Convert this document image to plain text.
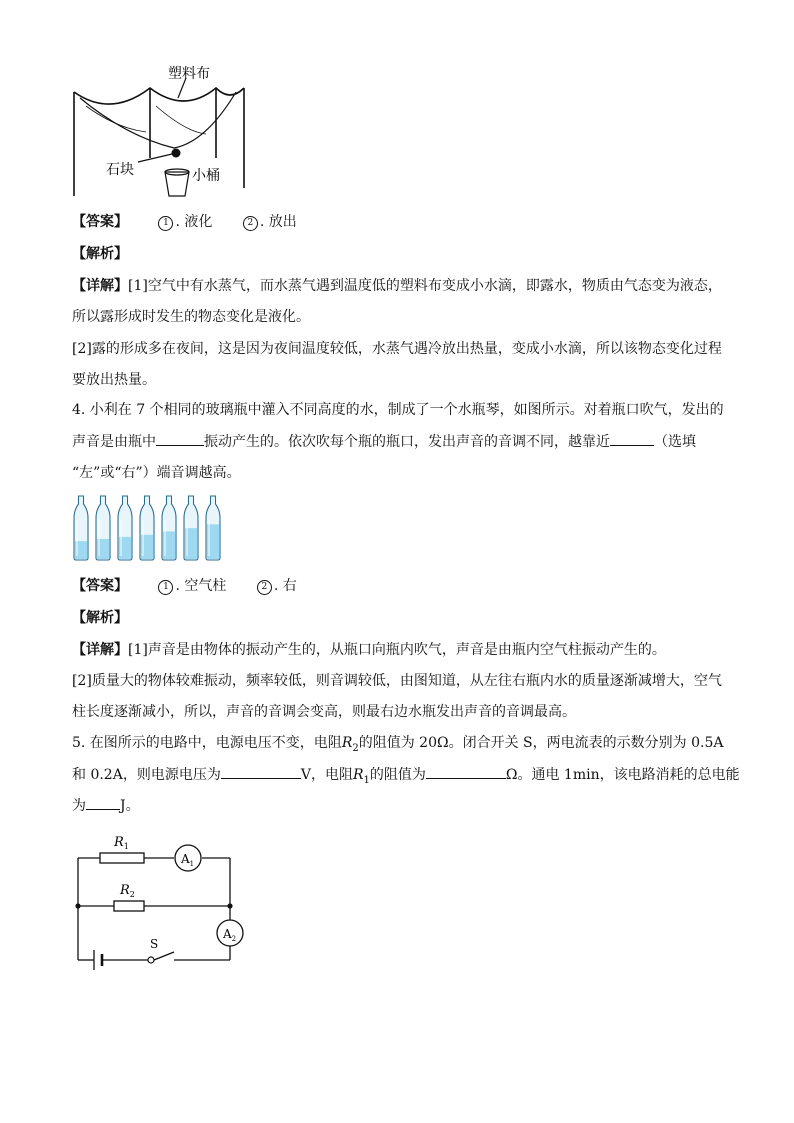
塑料布
石块	小桶
【答案】	1 . 液化	2 . 放出
【解析】
【详解】[1]空气中有水蒸气，而水蒸气遇到温度低的塑料布变成小水滴，即露水，物质由气态变为液态，
所以露形成时发生的物态变化是液化。
[2]露的形成多在夜间，这是因为夜间温度较低，水蒸气遇冷放出热量，变成小水滴，所以该物态变化过程
要放出热量。
4. 小利在 7 个相同的玻璃瓶中灌入不同高度的水，制成了一个水瓶琴，如图所示。对着瓶口吹气，发出的
声音是由瓶中	振动产生的。依次吹每个瓶的瓶口，发出声音的音调不同，越靠近	（选填
“左”或“右”）端音调越高。
【答案】	1 . 空气柱	2 . 右
【解析】
【详解】[1]声音是由物体的振动产生的，从瓶口向瓶内吹气，声音是由瓶内空气柱振动产生的。
[2]质量大的物体较难振动，频率较低，则音调较低，由图知道，从左往右瓶内水的质量逐渐减增大，空气
柱长度逐渐减小，所以，声音的音调会变高，则最右边水瓶发出声音的音调最高。
5. 在图所示的电路中，电源电压不变，电阻$R_2$的阻值为 20Ω。闭合开关 S，两电流表的示数分别为 0.5A
和 0.2A，则电源电压为	V，电阻$R_1$的阻值为	Ω。通电 1min，该电路消耗的总电能
为 J。
$R_1$
$R_2$
$A_1$
$A_2$
S
